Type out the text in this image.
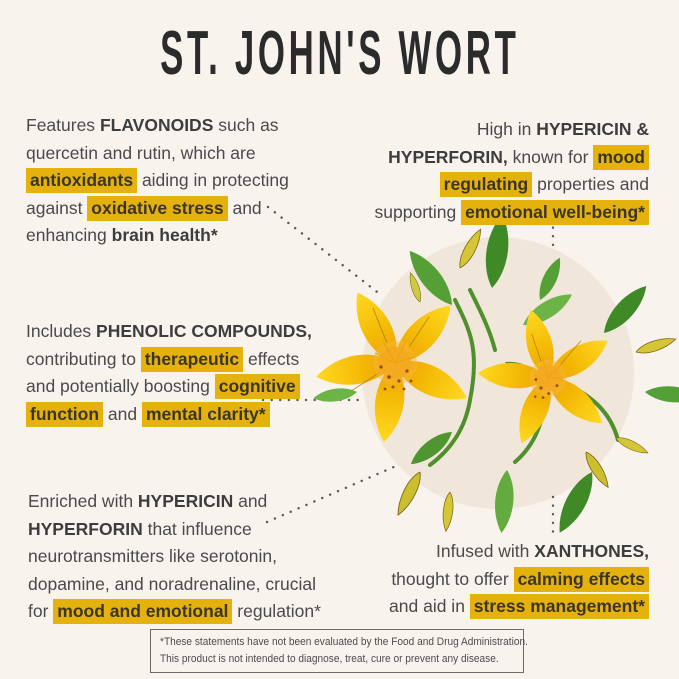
ST. JOHN'S WORT
Features FLAVONOIDS such as
quercetin and rutin, which are
antioxidants aiding in protecting
against oxidative stress and
enhancing brain health*
High in HYPERICIN &
HYPERFORIN, known for mood
regulating properties and
supporting emotional well-being*
Includes PHENOLIC COMPOUNDS,
contributing to therapeutic effects
and potentially boosting cognitive
function and mental clarity*
Enriched with HYPERICIN and
HYPERFORIN that influence
neurotransmitters like serotonin,
dopamine, and noradrenaline, crucial
for mood and emotional regulation*
Infused with XANTHONES,
thought to offer calming effects
and aid in stress management*
*These statements have not been evaluated by the Food and Drug Administration.
This product is not intended to diagnose, treat, cure or prevent any disease.
